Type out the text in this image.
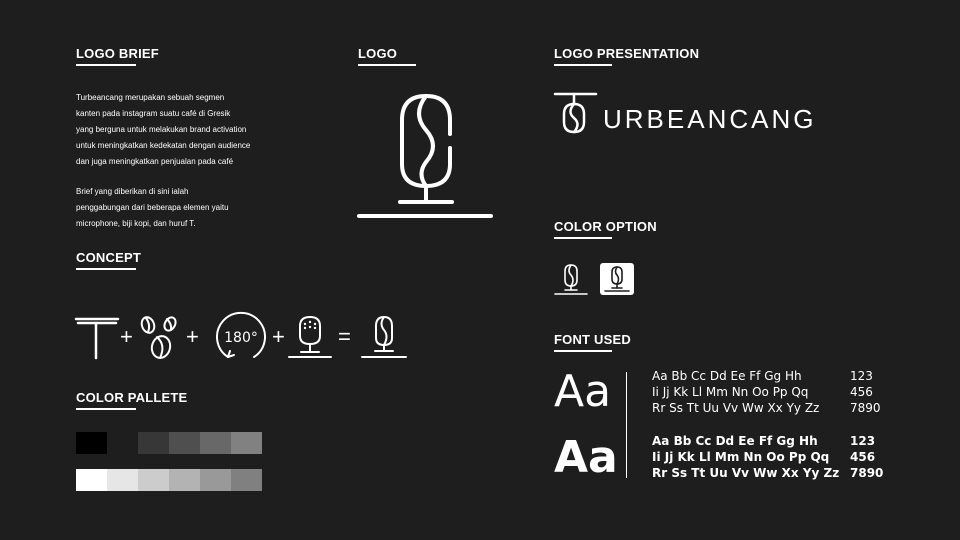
LOGO BRIEF

Turbeancang merupakan sebuah segmen
kanten pada instagram suatu café di Gresik
yang berguna untuk melakukan brand activation
untuk meningkatkan kedekatan dengan audience
dan juga meningkatkan penjualan pada café

Brief yang diberikan di sini ialah
penggabungan dari beberapa elemen yaitu
microphone, biji kopi, dan huruf T.

LOGO	LOGO PRESENTATION
URBEANCANG
CONCEPT
+ + 180° + =
COLOR PALLETE
COLOR OPTION
FONT USED
Aa
Aa
Aa Bb Cc Dd Ee Ff Gg Hh
Ii Jj Kk Ll Mm Nn Oo Pp Qq
Rr Ss Tt Uu Vv Ww Xx Yy Zz
123
456
7890
Aa Bb Cc Dd Ee Ff Gg Hh
Ii Jj Kk Ll Mm Nn Oo Pp Qq
Rr Ss Tt Uu Vv Ww Xx Yy Zz
123
456
7890
